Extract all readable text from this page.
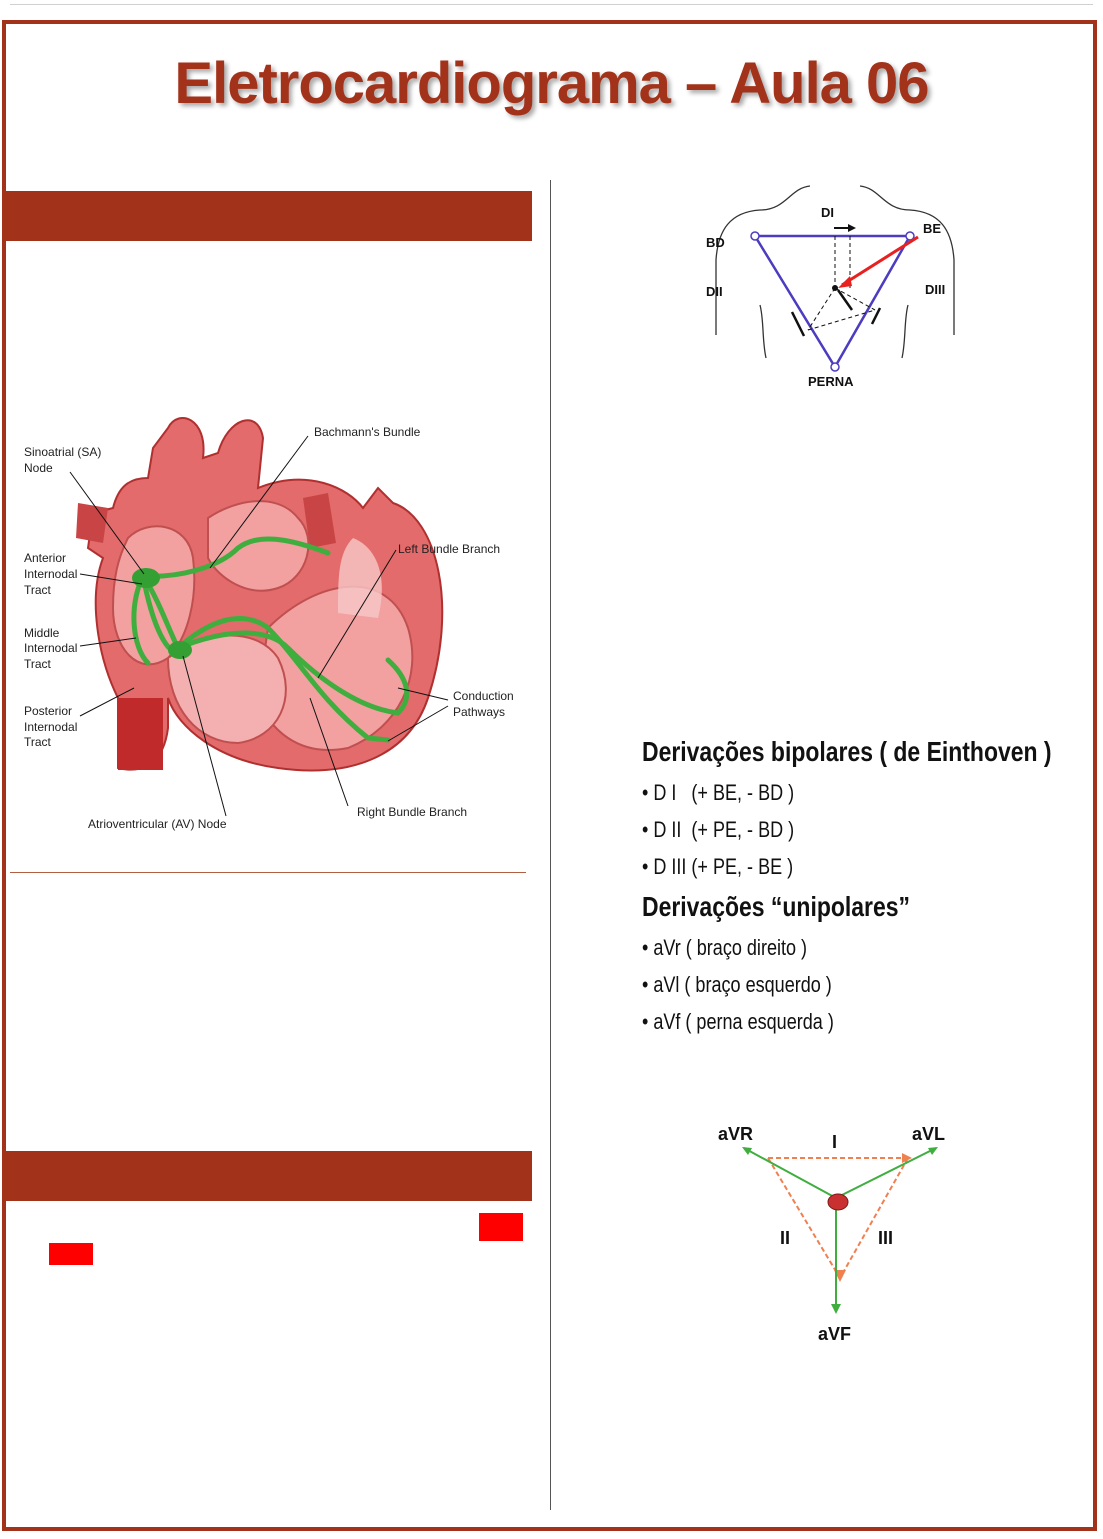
Eletrocardiograma – Aula 06
Bachmann's Bundle
Sinoatrial (SA)
Node
Anterior
Internodal
Tract
Middle
Internodal
Tract
Posterior
Internodal
Tract
Left Bundle Branch
Conduction
Pathways
Right Bundle Branch
Atrioventricular (AV) Node
DI
BE
BD
DII	DIII
PERNA
Derivações bipolares ( de Einthoven )
• D I   (+ BE, - BD )
• D II  (+ PE, - BD )
• D III (+ PE, - BE )
Derivações “unipolares”
• aVr ( braço direito )
• aVl ( braço esquerdo )
• aVf ( perna esquerda )
aVR	aVL
I
II	III
aVF
